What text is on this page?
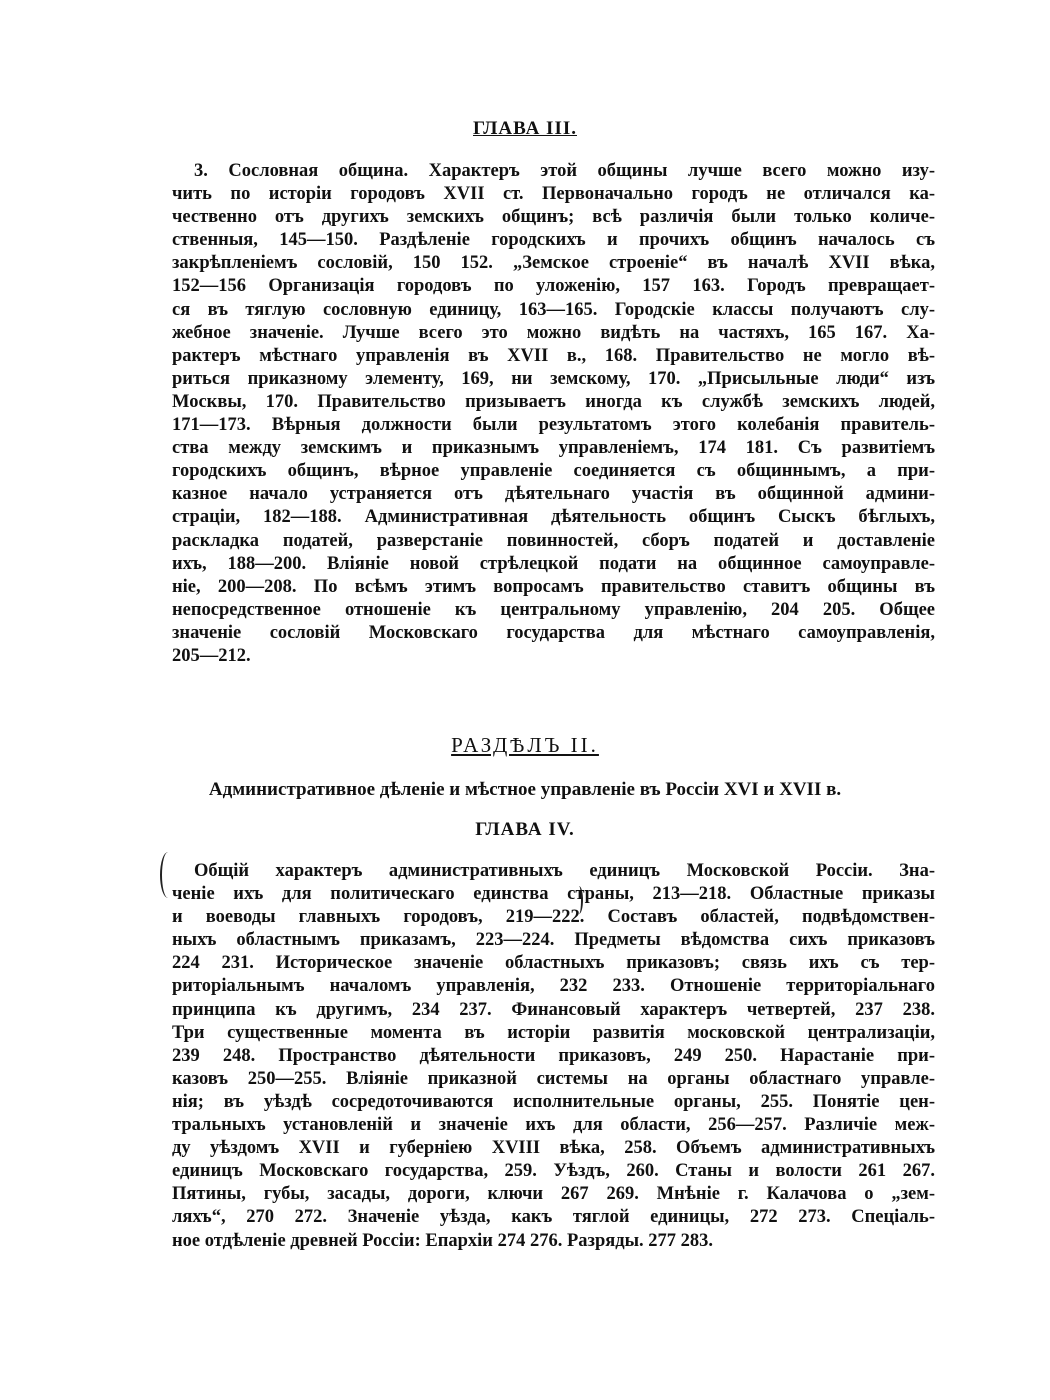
ГЛАВА III.
3. Сословная община. Характеръ этой общины лучше всего можно изу-
чить по исторіи городовъ XVII ст. Первоначально городъ не отличался ка-
чественно отъ другихъ земскихъ общинъ; всѣ различія были только количе-
ственныя, 145—150. Раздѣленіе городскихъ и прочихъ общинъ началось съ
закрѣпленіемъ сословій, 150 152. „Земское строеніе“ въ началѣ XVII вѣка,
152—156 Организація городовъ по уложенію, 157 163. Городъ превращает-
ся въ тяглую сословную единицу, 163—165. Городскіе классы получаютъ слу-
жебное значеніе. Лучше всего это можно видѣть на частяхъ, 165 167. Ха-
рактеръ мѣстнаго управленія въ XVII в., 168. Правительство не могло вѣ-
риться приказному элементу, 169, ни земскому, 170. „Присыльные люди“ изъ
Москвы, 170. Правительство призываетъ иногда къ службѣ земскихъ людей,
171—173. Вѣрныя должности были результатомъ этого колебанія правитель-
ства между земскимъ и приказнымъ управленіемъ, 174 181. Съ развитіемъ
городскихъ общинъ, вѣрное управленіе соединяется съ общиннымъ, а при-
казное начало устраняется отъ дѣятельнаго участія въ общинной админи-
страціи, 182—188. Административная дѣятельность общинъ Сыскъ бѣглыхъ,
раскладка податей, разверстаніе повинностей, сборъ податей и доставленіе
ихъ, 188—200. Вліяніе новой стрѣлецкой подати на общинное самоуправле-
ніе, 200—208. По всѣмъ этимъ вопросамъ правительство ставитъ общины въ
непосредственное отношеніе къ центральному управленію, 204 205. Общее
значеніе сословій Московскаго государства для мѣстнаго самоуправленія,
205—212.
РАЗДѢЛЪ II.
Административное дѣленіе и мѣстное управленіе въ Россіи XVI и XVII в.
ГЛАВА IV.
Общій характеръ административныхъ единицъ Московской Россіи. Зна-
ченіе ихъ для политическаго единства страны, 213—218. Областные приказы
и воеводы главныхъ городовъ, 219—222. Составъ областей, подвѣдомствен-
ныхъ областнымъ приказамъ, 223—224. Предметы вѣдомства сихъ приказовъ
224 231. Историческое значеніе областныхъ приказовъ; связь ихъ съ тер-
риторіальнымъ началомъ управленія, 232 233. Отношеніе территоріальнаго
принципа къ другимъ, 234 237. Финансовый характеръ четвертей, 237 238.
Три существенные момента въ исторіи развитія московской централизаціи,
239 248. Пространство дѣятельности приказовъ, 249 250. Нарастаніе при-
казовъ 250—255. Вліяніе приказной системы на органы областнаго управле-
нія; въ уѣздѣ сосредоточиваются исполнительные органы, 255. Понятіе цен-
тральныхъ установленій и значеніе ихъ для области, 256—257. Различіе меж-
ду уѣздомъ XVII и губерніею XVIII вѣка, 258. Объемъ административныхъ
единицъ Московскаго государства, 259. Уѣздъ, 260. Станы и волости 261 267.
Пятины, губы, засады, дороги, ключи 267 269. Мнѣніе г. Калачова о „зем-
ляхъ“, 270 272. Значеніе уѣзда, какъ тяглой единицы, 272 273. Спеціаль-
ное отдѣленіе древней Россіи: Епархіи 274 276. Разряды. 277 283.
